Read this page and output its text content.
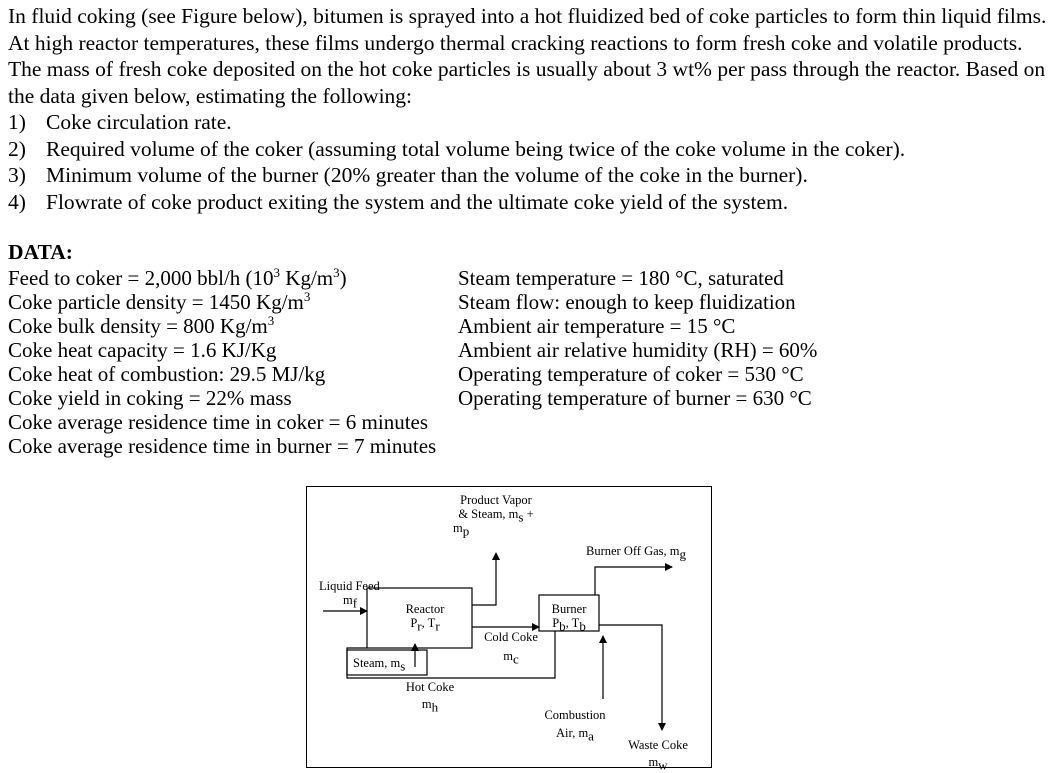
In fluid coking (see Figure below), bitumen is sprayed into a hot fluidized bed of coke particles to form thin liquid films. At high reactor temperatures, these films undergo thermal cracking reactions to form fresh coke and volatile products. The mass of fresh coke deposited on the hot coke particles is usually about 3 wt% per pass through the reactor. Based on the data given below, estimating the following:

1) Coke circulation rate.
2) Required volume of the coker (assuming total volume being twice of the coke volume in the coker).
3) Minimum volume of the burner (20% greater than the volume of the coke in the burner).
4) Flowrate of coke product exiting the system and the ultimate coke yield of the system.
DATA:
Feed to coker = 2,000 bbl/h ($10^3$ $Kg/m^3$)
Coke particle density = 1450 $Kg/m^3$
Coke bulk density = 800 $Kg/m^3$
Coke heat capacity = 1.6 KJ/Kg
Coke heat of combustion: 29.5 MJ/kg
Coke yield in coking = 22% mass
Coke average residence time in coker = 6 minutes
Coke average residence time in burner = 7 minutes
Steam temperature = 180 °C, saturated
Steam flow: enough to keep fluidization
Ambient air temperature = 15 °C
Ambient air relative humidity (RH) = 60%
Operating temperature of coker = 530 °C
Operating temperature of burner = 630 °C
Product Vapor
& Steam, $m_s$ +
$m_p$
Burner Off Gas, $m_g$
Liquid Feed
$m_f$	Reactor
$P_r$, $T_r$
Burner
$P_b$, $T_b$
Cold Coke
$m_c$
Steam, $m_s$
Hot Coke
$m_h$
Combustion
Air, $m_a$
Waste Coke
$m_w$
